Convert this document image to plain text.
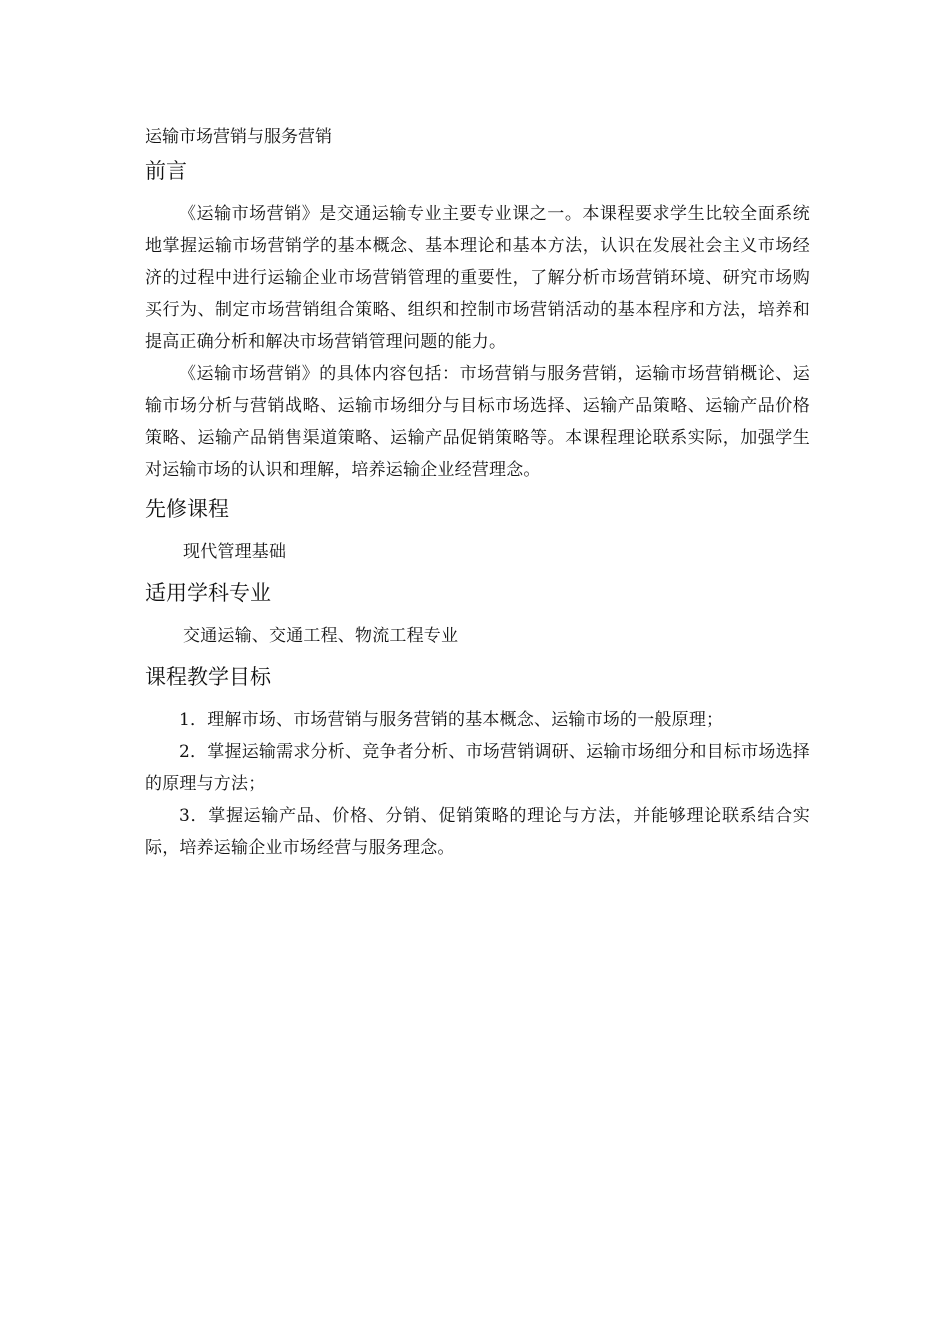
运输市场营销与服务营销
前言

《运输市场营销》是交通运输专业主要专业课之一。本课程要求学生比较全面系统地掌握运输市场营销学的基本概念、基本理论和基本方法，认识在发展社会主义市场经济的过程中进行运输企业市场营销管理的重要性，了解分析市场营销环境、研究市场购买行为、制定市场营销组合策略、组织和控制市场营销活动的基本程序和方法，培养和提高正确分析和解决市场营销管理问题的能力。

《运输市场营销》的具体内容包括：市场营销与服务营销，运输市场营销概论、运输市场分析与营销战略、运输市场细分与目标市场选择、运输产品策略、运输产品价格策略、运输产品销售渠道策略、运输产品促销策略等。本课程理论联系实际，加强学生对运输市场的认识和理解，培养运输企业经营理念。

先修课程

现代管理基础

适用学科专业

交通运输、交通工程、物流工程专业

课程教学目标
1．理解市场、市场营销与服务营销的基本概念、运输市场的一般原理；
2．掌握运输需求分析、竞争者分析、市场营销调研、运输市场细分和目标市场选择的原理与方法；
3．掌握运输产品、价格、分销、促销策略的理论与方法，并能够理论联系结合实际，培养运输企业市场经营与服务理念。
